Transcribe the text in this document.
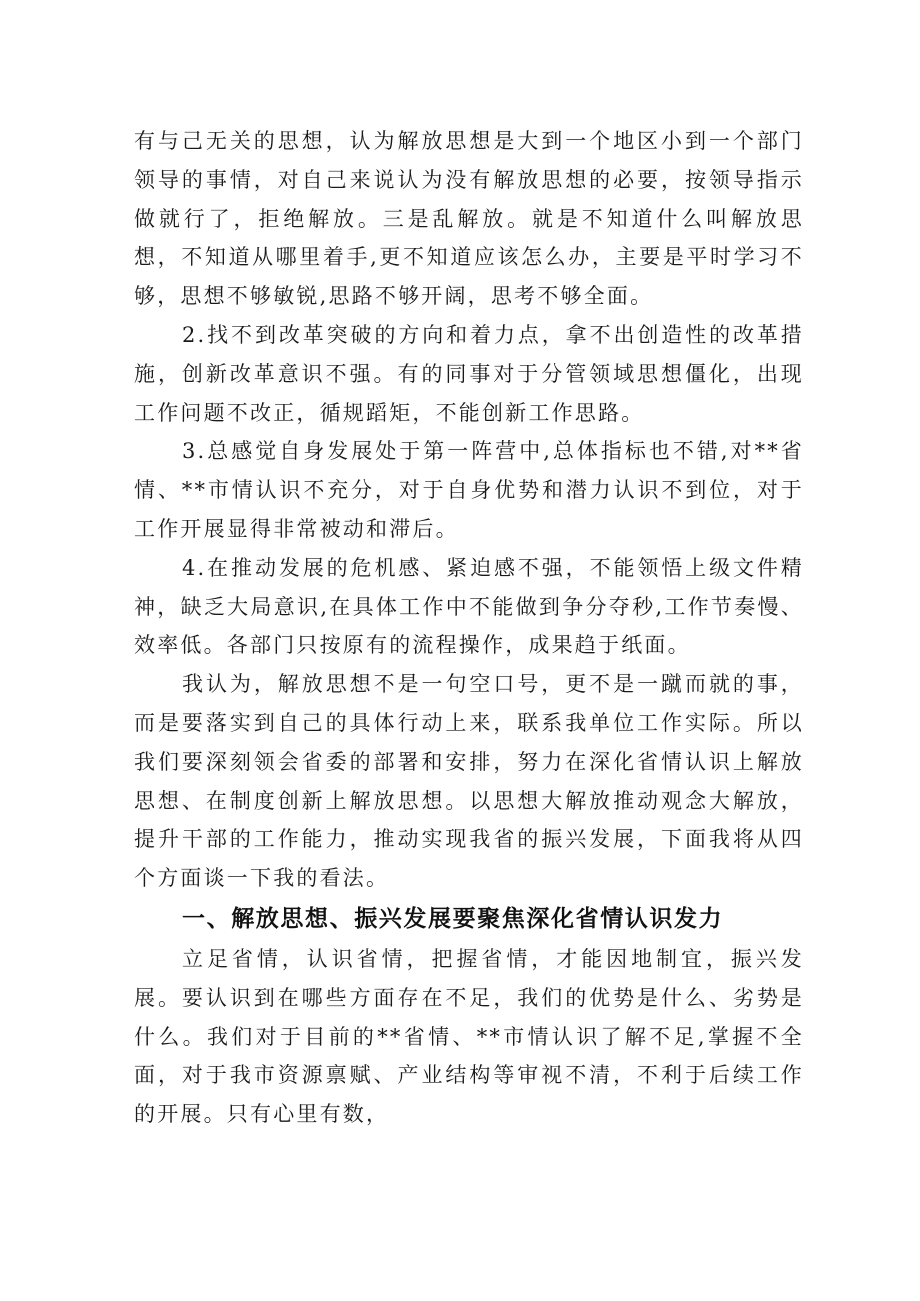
有与己无关的思想，认为解放思想是大到一个地区小到一个部门领导的事情，对自己来说认为没有解放思想的必要，按领导指示做就行了，拒绝解放。三是乱解放。就是不知道什么叫解放思想，不知道从哪里着手,更不知道应该怎么办，主要是平时学习不够，思想不够敏锐,思路不够开阔，思考不够全面。

2.找不到改革突破的方向和着力点，拿不出创造性的改革措施，创新改革意识不强。有的同事对于分管领域思想僵化，出现工作问题不改正，循规蹈矩，不能创新工作思路。

3.总感觉自身发展处于第一阵营中,总体指标也不错,对**省情、**市情认识不充分，对于自身优势和潜力认识不到位，对于工作开展显得非常被动和滞后。

4.在推动发展的危机感、紧迫感不强，不能领悟上级文件精神，缺乏大局意识,在具体工作中不能做到争分夺秒,工作节奏慢、效率低。各部门只按原有的流程操作，成果趋于纸面。

我认为，解放思想不是一句空口号，更不是一蹴而就的事，而是要落实到自己的具体行动上来，联系我单位工作实际。所以我们要深刻领会省委的部署和安排，努力在深化省情认识上解放思想、在制度创新上解放思想。以思想大解放推动观念大解放，提升干部的工作能力，推动实现我省的振兴发展，下面我将从四个方面谈一下我的看法。

一、解放思想、振兴发展要聚焦深化省情认识发力

立足省情，认识省情，把握省情，才能因地制宜，振兴发展。要认识到在哪些方面存在不足，我们的优势是什么、劣势是什么。我们对于目前的**省情、**市情认识了解不足,掌握不全面，对于我市资源禀赋、产业结构等审视不清，不利于后续工作的开展。只有心里有数，
